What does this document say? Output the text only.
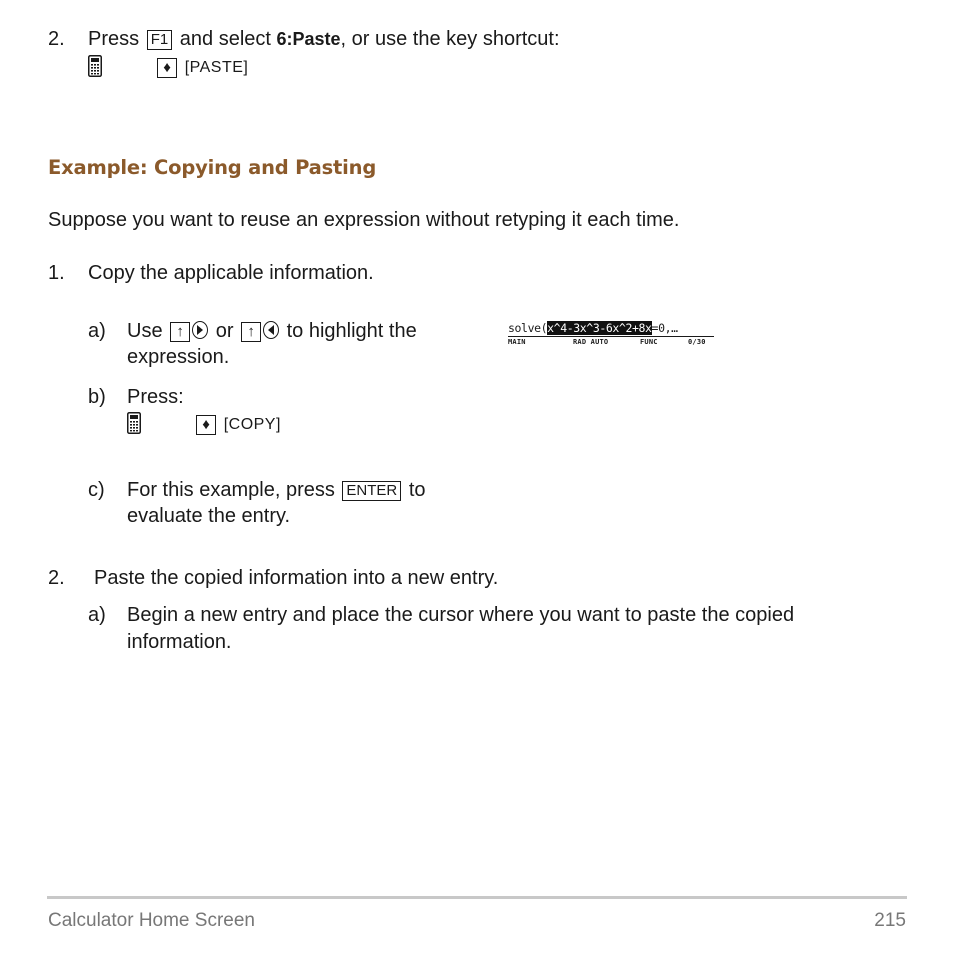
2. Press F1 and select 6:Paste, or use the key shortcut:
♦ [PASTE]
Example: Copying and Pasting
Suppose you want to reuse an expression without retyping it each time.
1. Copy the applicable information.
a) Use ↑ or ↑ to highlight the
expression.
solve(x^4-3x^3-6x^2+8x=0,…
MAIN	RAD AUTO	FUNC	0/30
b) Press:
♦ [COPY]
c) For this example, press ENTER to
evaluate the entry.
2. Paste the copied information into a new entry.
a) Begin a new entry and place the cursor where you want to paste the copied
information.
Calculator Home Screen	215
